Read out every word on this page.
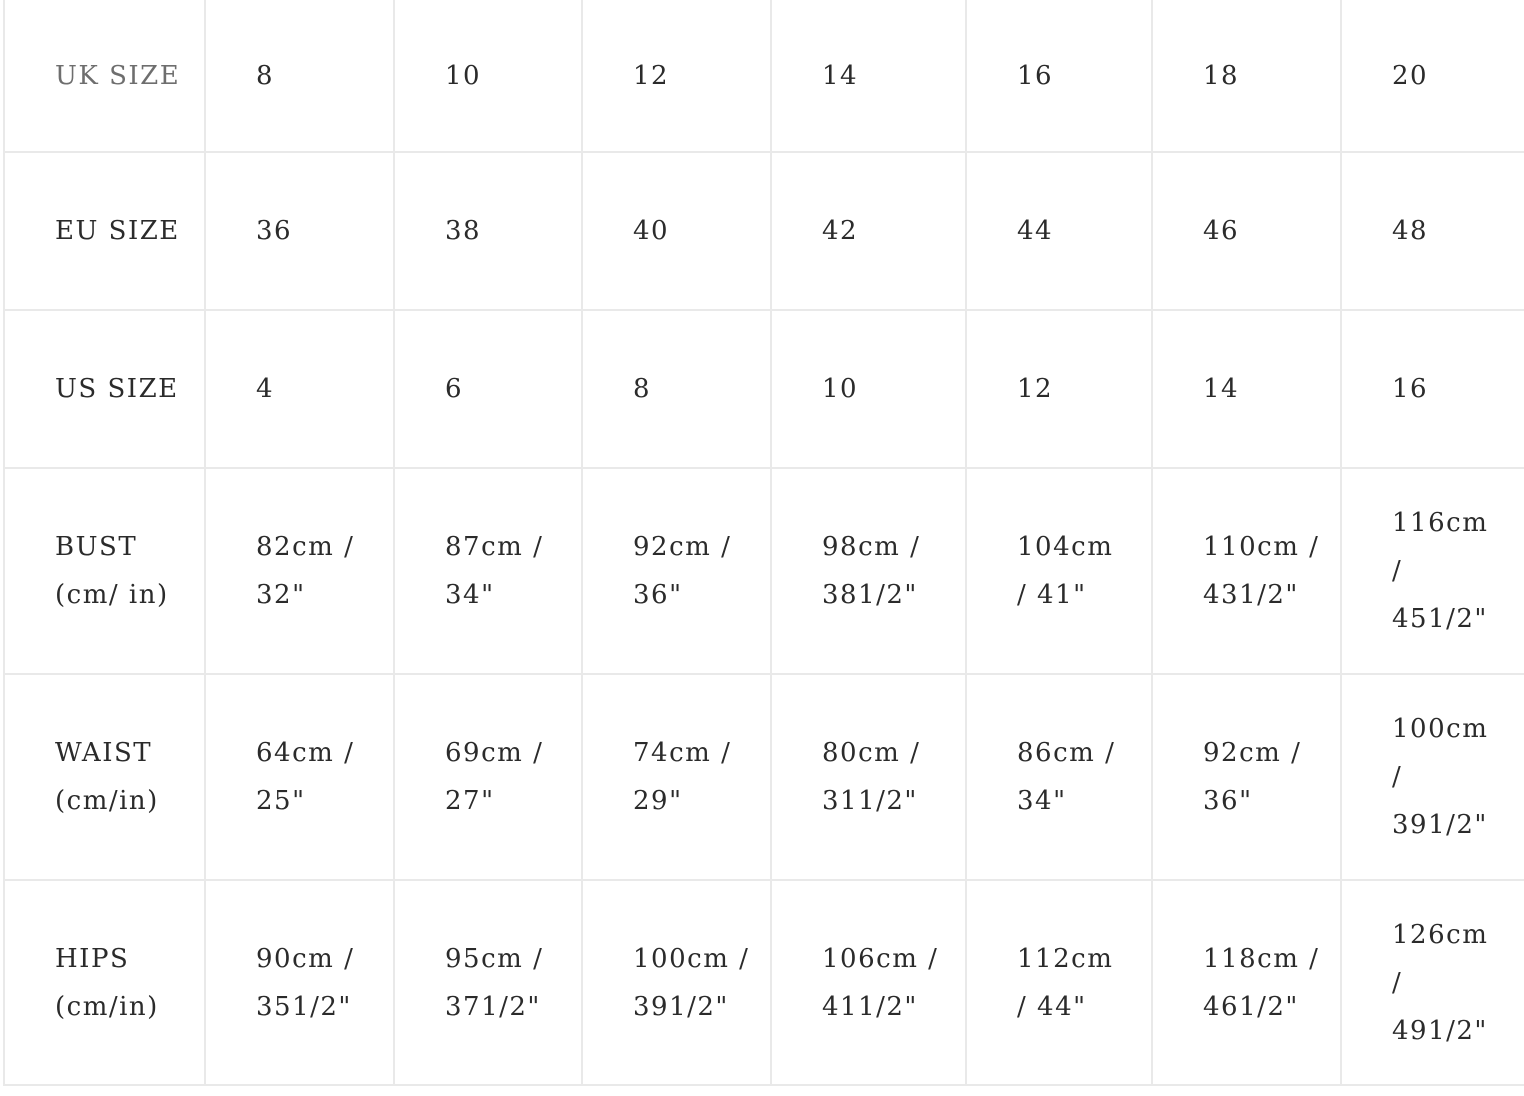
UK SIZE	8	10	12	14	16	18	20
EU SIZE	36	38	40	42	44	46	48
US SIZE	4	6	8	10	12	14	16
BUST (cm/ in)	82cm / 32"	87cm / 34"	92cm / 36"	98cm / 381/2"	104cm / 41"	110cm / 431/2"	116cm / 451/2"
WAIST (cm/in)	64cm / 25"	69cm / 27"	74cm / 29"	80cm / 311/2"	86cm / 34"	92cm / 36"	100cm / 391/2"
HIPS (cm/in)	90cm / 351/2"	95cm / 371/2"	100cm / 391/2"	106cm / 411/2"	112cm / 44"	118cm / 461/2"	126cm / 491/2"
